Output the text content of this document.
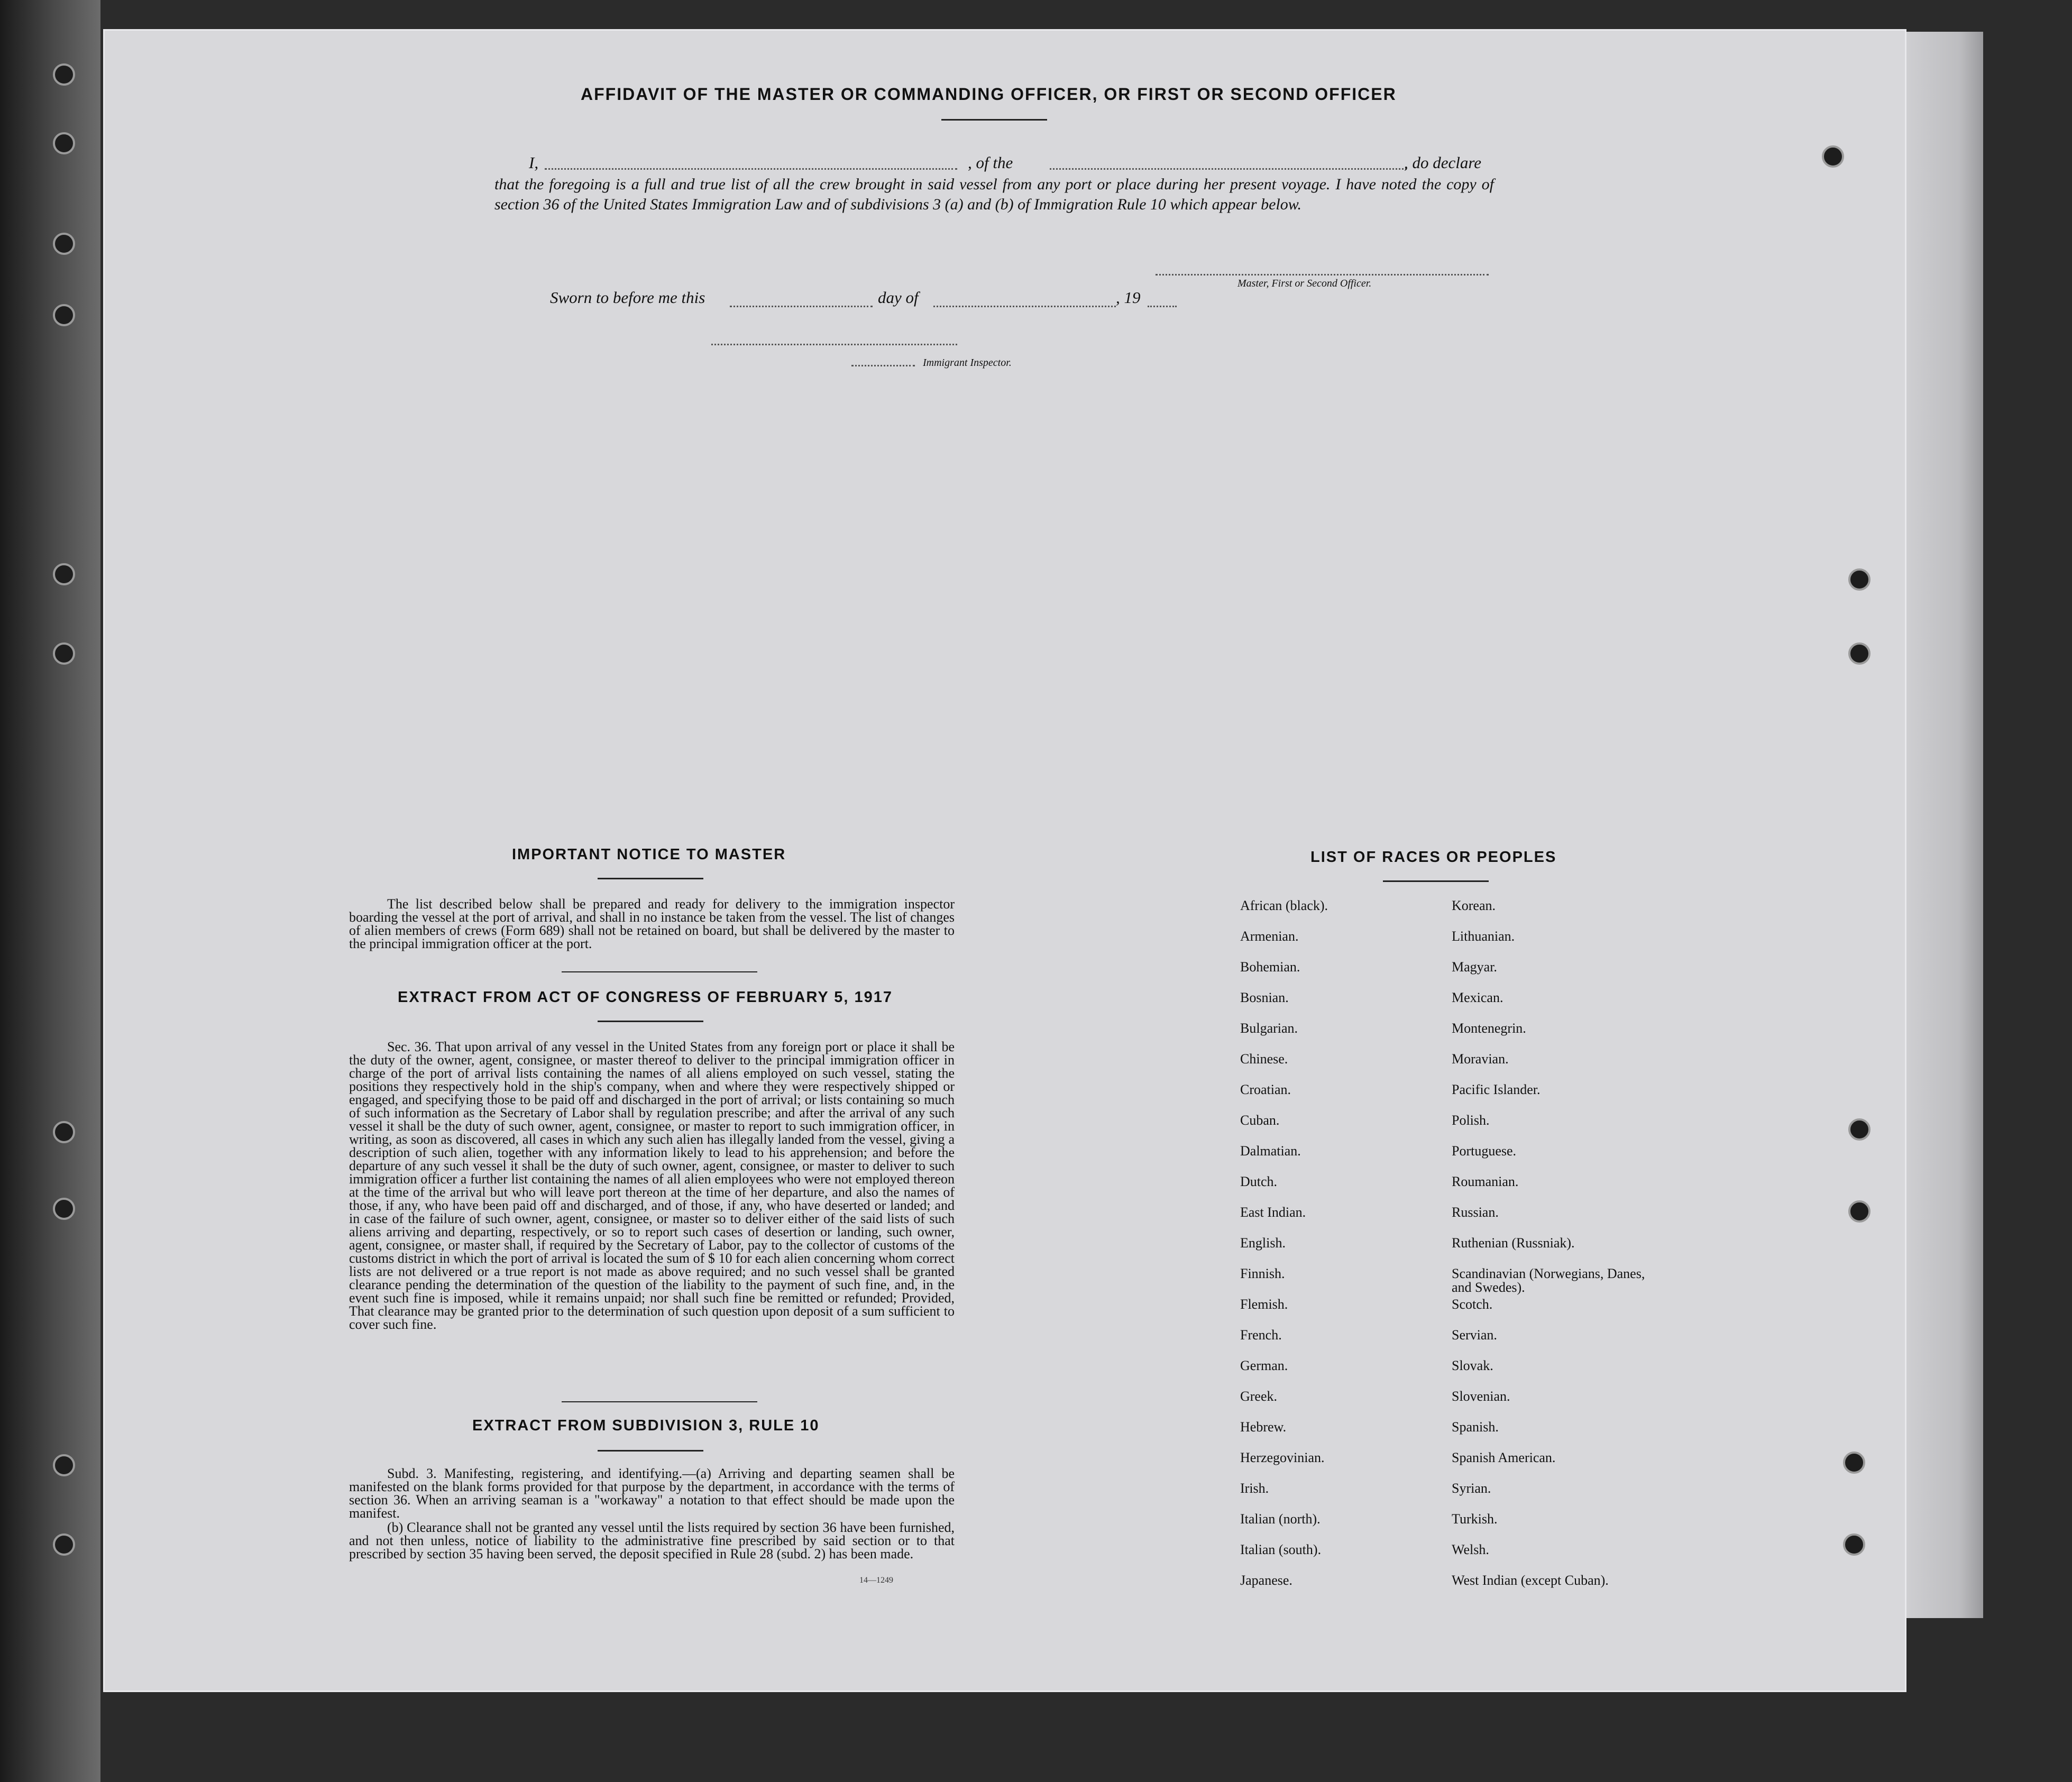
AFFIDAVIT OF THE MASTER OR COMMANDING OFFICER, OR FIRST OR SECOND OFFICER
I,	, of the	, do declare
that the foregoing is a full and true list of all the crew brought in said vessel from any port or place during her present voyage. I have noted the copy of section 36 of the United States Immigration Law and of subdivisions 3 (a) and (b) of Immigration Rule 10 which appear below.
Master, First or Second Officer.
Sworn to before me this	day of	, 19
Immigrant Inspector.
IMPORTANT NOTICE TO MASTER
The list described below shall be prepared and ready for delivery to the immigration inspector boarding the vessel at the port of arrival, and shall in no instance be taken from the vessel. The list of changes of alien members of crews (Form 689) shall not be retained on board, but shall be delivered by the master to the principal immigration officer at the port.
EXTRACT FROM ACT OF CONGRESS OF FEBRUARY 5, 1917
Sec. 36. That upon arrival of any vessel in the United States from any foreign port or place it shall be the duty of the owner, agent, consignee, or master thereof to deliver to the principal immigration officer in charge of the port of arrival lists containing the names of all aliens employed on such vessel, stating the positions they respectively hold in the ship's company, when and where they were respectively shipped or engaged, and specifying those to be paid off and discharged in the port of arrival; or lists containing so much of such information as the Secretary of Labor shall by regulation prescribe; and after the arrival of any such vessel it shall be the duty of such owner, agent, consignee, or master to report to such immigration officer, in writing, as soon as discovered, all cases in which any such alien has illegally landed from the vessel, giving a description of such alien, together with any information likely to lead to his apprehension; and before the departure of any such vessel it shall be the duty of such owner, agent, consignee, or master to deliver to such immigration officer a further list containing the names of all alien employees who were not employed thereon at the time of the arrival but who will leave port thereon at the time of her departure, and also the names of those, if any, who have been paid off and discharged, and of those, if any, who have deserted or landed; and in case of the failure of such owner, agent, consignee, or master so to deliver either of the said lists of such aliens arriving and departing, respectively, or so to report such cases of desertion or landing, such owner, agent, consignee, or master shall, if required by the Secretary of Labor, pay to the collector of customs of the customs district in which the port of arrival is located the sum of $ 10 for each alien concerning whom correct lists are not delivered or a true report is not made as above required; and no such vessel shall be granted clearance pending the determination of the question of the liability to the payment of such fine, and, in the event such fine is imposed, while it remains unpaid; nor shall such fine be remitted or refunded; Provided, That clearance may be granted prior to the determination of such question upon deposit of a sum sufficient to cover such fine.
EXTRACT FROM SUBDIVISION 3, RULE 10
Subd. 3. Manifesting, registering, and identifying.—(a) Arriving and departing seamen shall be manifested on the blank forms provided for that purpose by the department, in accordance with the terms of section 36. When an arriving seaman is a "workaway" a notation to that effect should be made upon the manifest.
(b) Clearance shall not be granted any vessel until the lists required by section 36 have been furnished, and not then unless, notice of liability to the administrative fine prescribed by said section or to that prescribed by section 35 having been served, the deposit specified in Rule 28 (subd. 2) has been made.
14—1249
LIST OF RACES OR PEOPLES
African (black).
Armenian.
Bohemian.
Bosnian.
Bulgarian.
Chinese.
Croatian.
Cuban.
Dalmatian.
Dutch.
East Indian.
English.
Finnish.
Flemish.
French.
German.
Greek.
Hebrew.
Herzegovinian.
Irish.
Italian (north).
Italian (south).
Japanese.
Korean.
Lithuanian.
Magyar.
Mexican.
Montenegrin.
Moravian.
Pacific Islander.
Polish.
Portuguese.
Roumanian.
Russian.
Ruthenian (Russniak).
Scandinavian (Norwegians, Danes, and Swedes).
Scotch.
Servian.
Slovak.
Slovenian.
Spanish.
Spanish American.
Syrian.
Turkish.
Welsh.
West Indian (except Cuban).
